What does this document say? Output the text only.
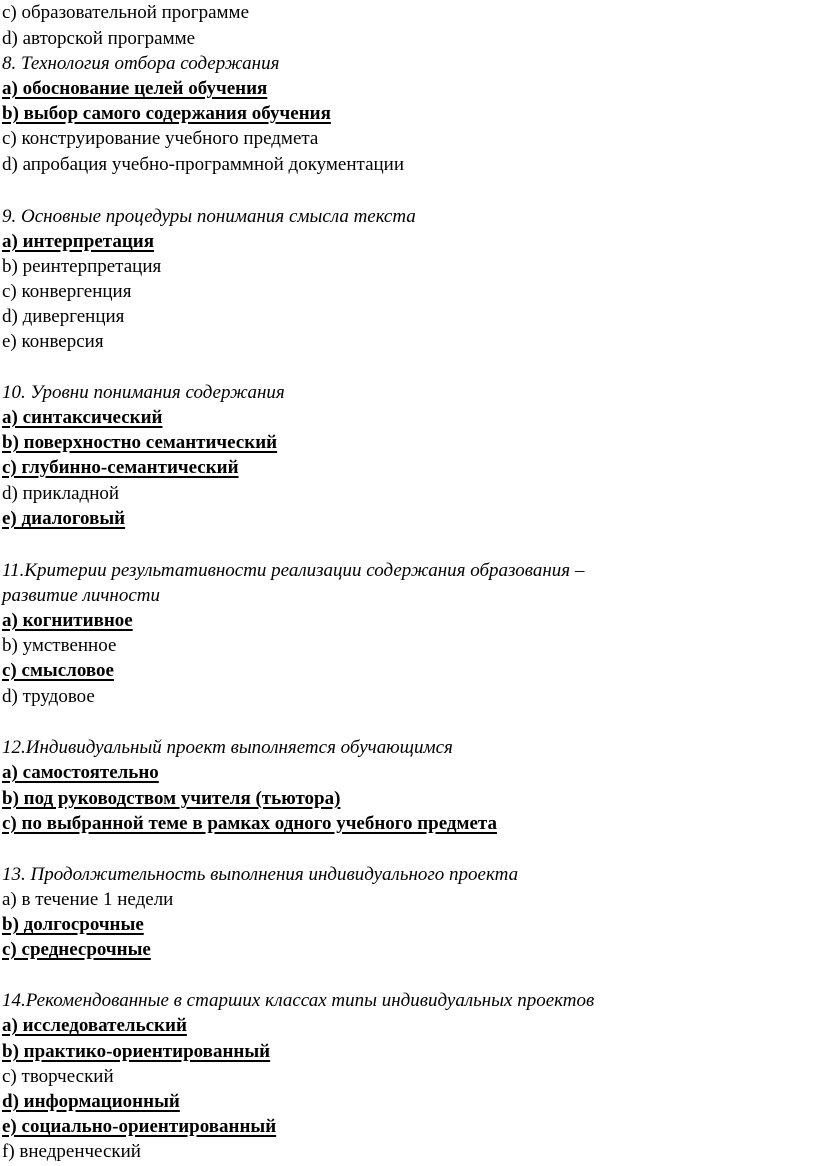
c) образовательной программе
d) авторской программе
8. Технология отбора содержания
a) обоснование целей обучения
b) выбор самого содержания обучения
c) конструирование учебного предмета
d) апробация учебно-программной документации
9. Основные процедуры понимания смысла текста
a) интерпретация
b) реинтерпретация
c) конвергенция
d) дивергенция
e) конверсия
10. Уровни понимания содержания
a) синтаксический
b) поверхностно семантический
c) глубинно-семантический
d) прикладной
e) диалоговый
11.Критерии результативности реализации содержания образования –
развитие личности
a) когнитивное
b) умственное
c) смысловое
d) трудовое
12.Индивидуальный проект выполняется обучающимся
a) самостоятельно
b) под руководством учителя (тьютора)
c) по выбранной теме в рамках одного учебного предмета
13. Продолжительность выполнения индивидуального проекта
a) в течение 1 недели
b) долгосрочные
c) среднесрочные
14.Рекомендованные в старших классах типы индивидуальных проектов
a) исследовательский
b) практико-ориентированный
c) творческий
d) информационный
e) социально-ориентированный
f) внедренческий
